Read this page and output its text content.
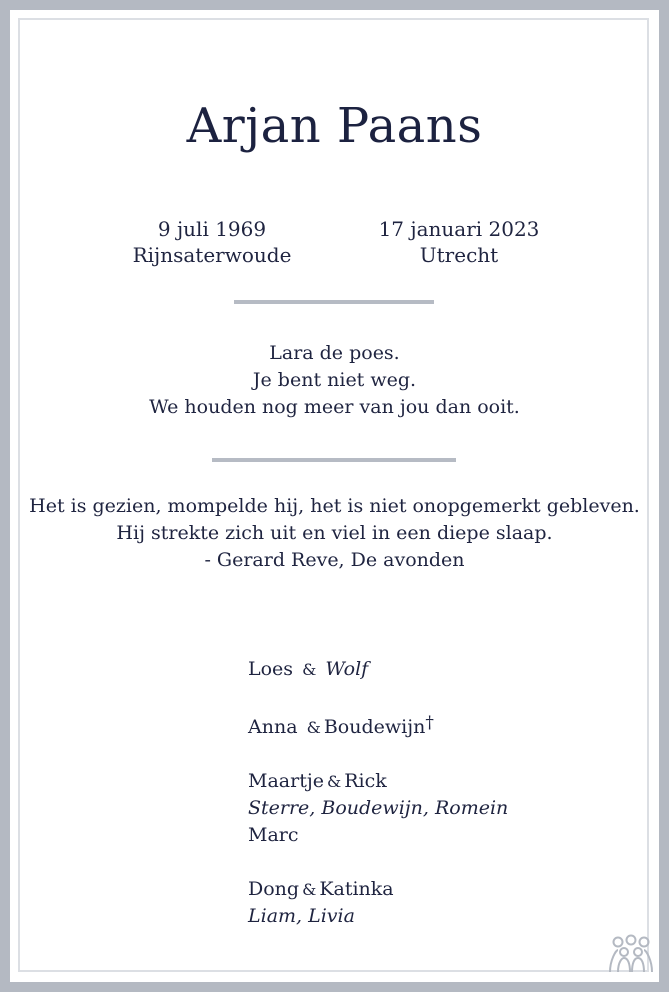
Arjan Paans
9 juli 1969
Rijnsaterwoude
17 januari 2023
Utrecht
Lara de poes.
Je bent niet weg.
We houden nog meer van jou dan ooit.
Het is gezien, mompelde hij, het is niet onopgemerkt gebleven.
Hij strekte zich uit en viel in een diepe slaap.
- Gerard Reve, De avonden
Loes & Wolf
Anna & Boudewijn†
Maartje & Rick
Sterre, Boudewijn, Romein
Marc
Dong & Katinka
Liam, Livia
